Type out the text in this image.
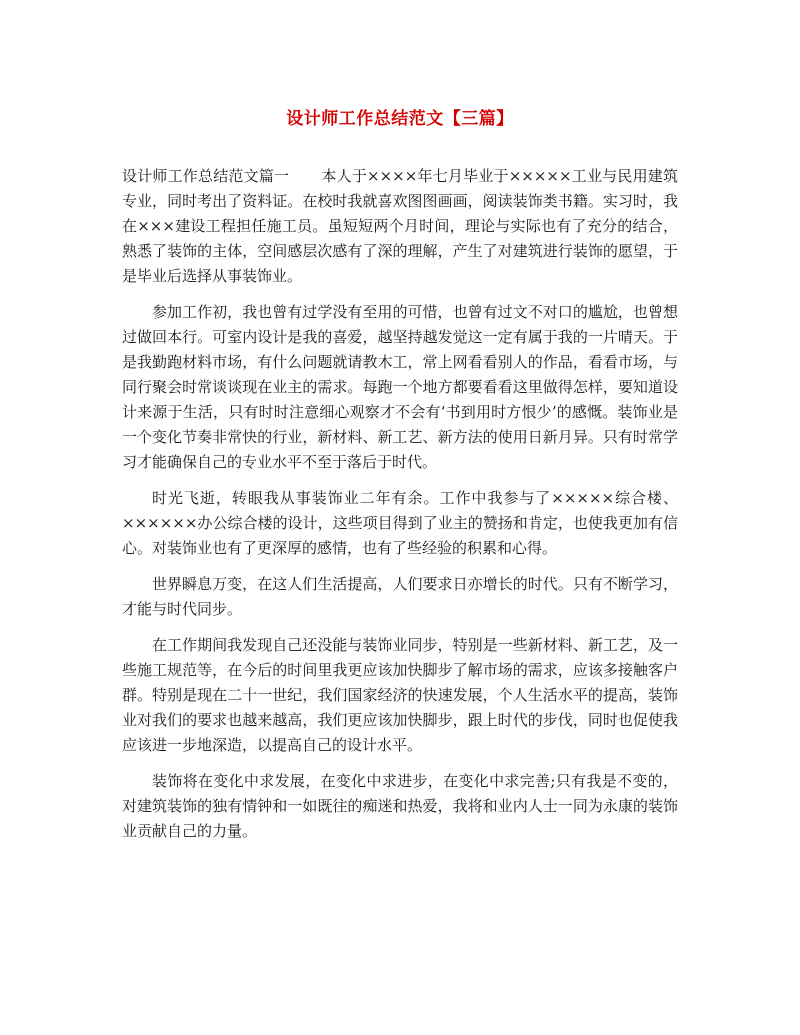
设计师工作总结范文【三篇】

设计师工作总结范文篇一 本人于××××年七月毕业于×××××工业与民用建筑专业，同时考出了资料证。在校时我就喜欢图图画画，阅读装饰类书籍。实习时，我在×××建设工程担任施工员。虽短短两个月时间，理论与实际也有了充分的结合，熟悉了装饰的主体，空间感层次感有了深的理解，产生了对建筑进行装饰的愿望，于是毕业后选择从事装饰业。

参加工作初，我也曾有过学没有至用的可惜，也曾有过文不对口的尴尬，也曾想过做回本行。可室内设计是我的喜爱，越坚持越发觉这一定有属于我的一片晴天。于是我勤跑材料市场，有什么问题就请教木工，常上网看看别人的作品，看看市场，与同行聚会时常谈谈现在业主的需求。每跑一个地方都要看看这里做得怎样，要知道设计来源于生活，只有时时注意细心观察才不会有‘书到用时方恨少’的感慨。装饰业是一个变化节奏非常快的行业，新材料、新工艺、新方法的使用日新月异。只有时常学习才能确保自己的专业水平不至于落后于时代。

时光飞逝，转眼我从事装饰业二年有余。工作中我参与了×××××综合楼、××××××办公综合楼的设计，这些项目得到了业主的赞扬和肯定，也使我更加有信心。对装饰业也有了更深厚的感情，也有了些经验的积累和心得。

世界瞬息万变，在这人们生活提高，人们要求日亦增长的时代。只有不断学习，才能与时代同步。

在工作期间我发现自己还没能与装饰业同步，特别是一些新材料、新工艺，及一些施工规范等，在今后的时间里我更应该加快脚步了解市场的需求，应该多接触客户群。特别是现在二十一世纪，我们国家经济的快速发展，个人生活水平的提高，装饰业对我们的要求也越来越高，我们更应该加快脚步，跟上时代的步伐，同时也促使我应该进一步地深造，以提高自己的设计水平。

装饰将在变化中求发展，在变化中求进步，在变化中求完善;只有我是不变的，对建筑装饰的独有情钟和一如既往的痴迷和热爱，我将和业内人士一同为永康的装饰业贡献自己的力量。
